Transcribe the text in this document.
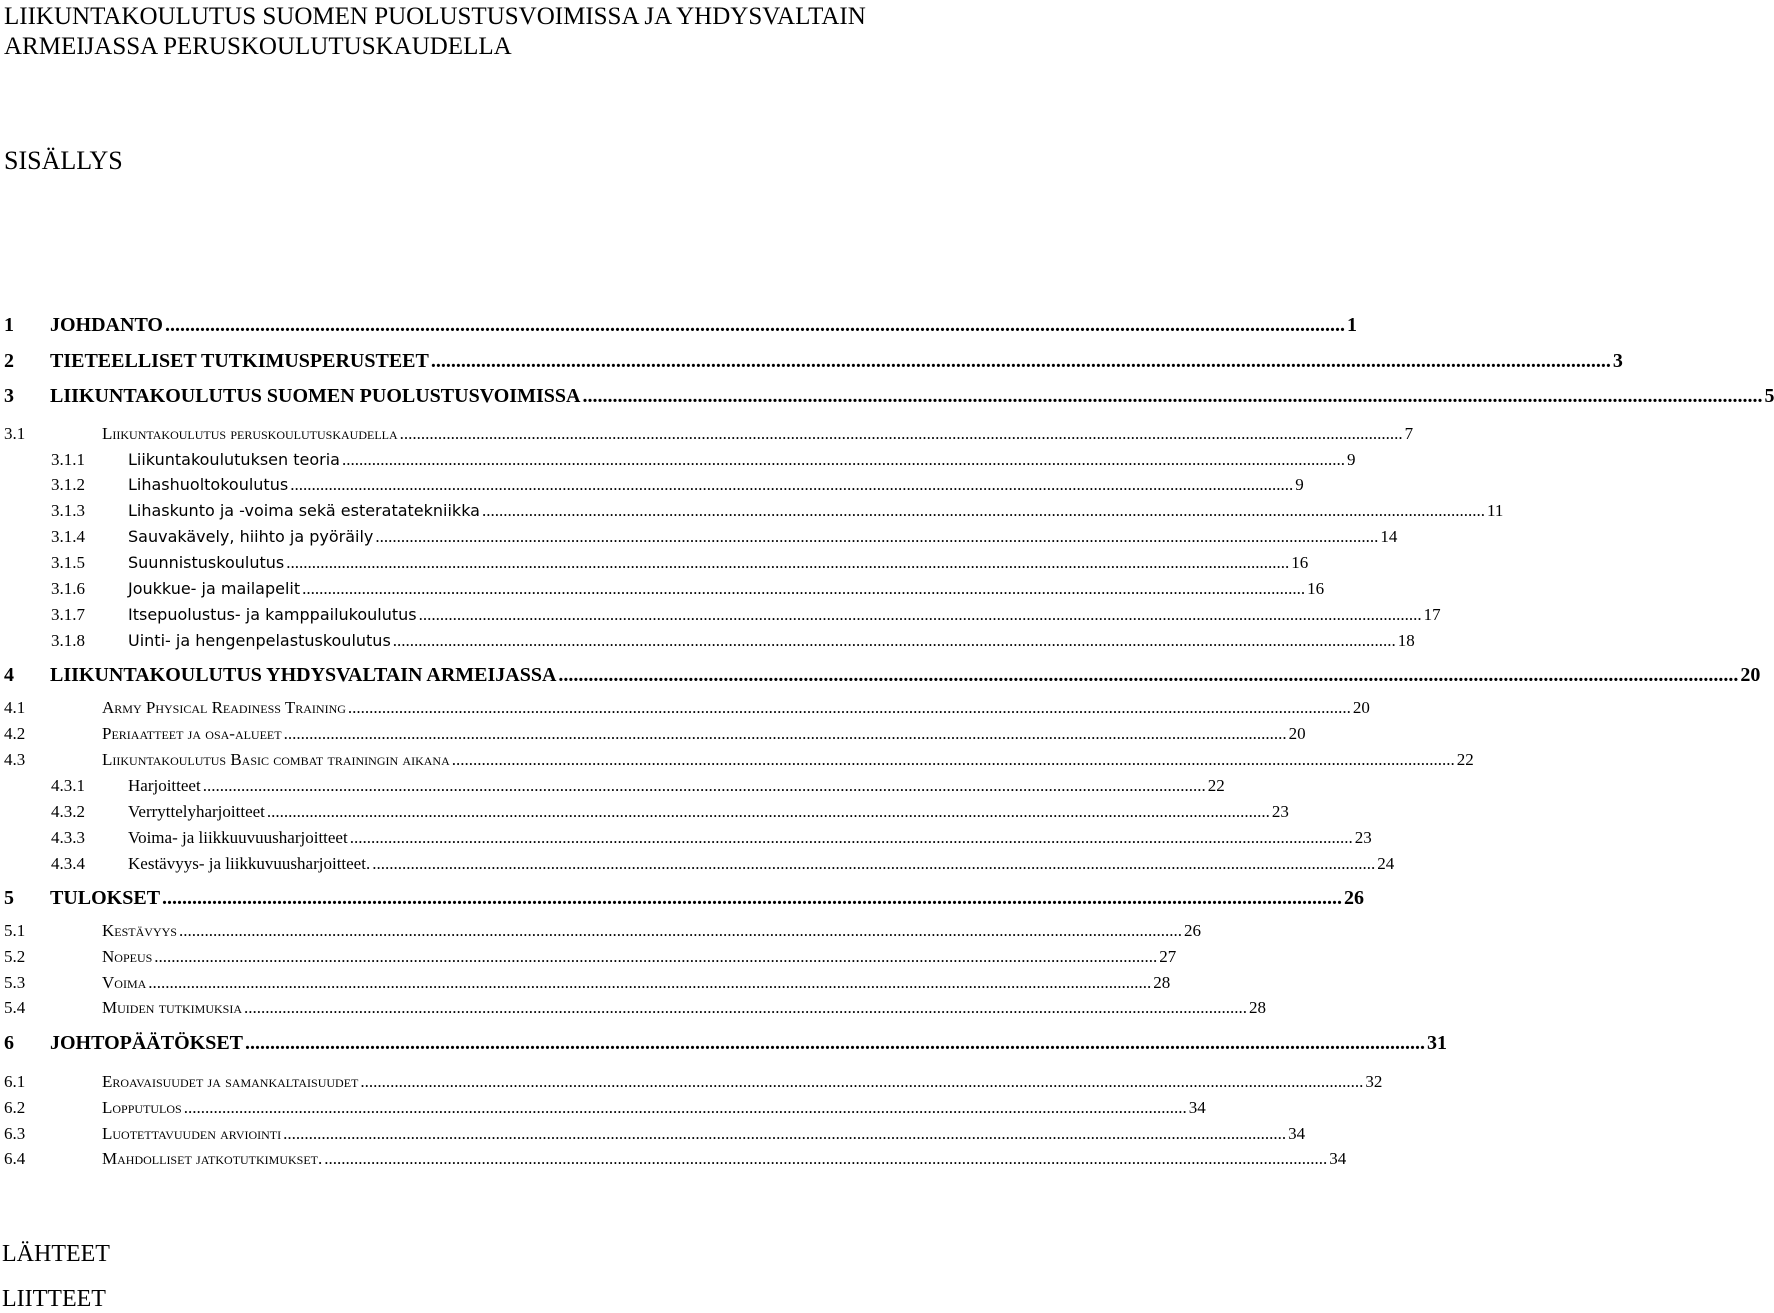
LIIKUNTAKOULUTUS SUOMEN PUOLUSTUSVOIMISSA JA YHDYSVALTAIN ARMEIJASSA PERUSKOULUTUSKAUDELLA
SISÄLLYS
1 JOHDANTO .....	1
2 TIETEELLISET TUTKIMUSPERUSTEET .....	3
3 LIIKUNTAKOULUTUS SUOMEN PUOLUSTUSVOIMISSA .....	5
3.1	Liikuntakoulutus peruskoulutuskaudella .....	7
3.1.1	Liikuntakoulutuksen teoria .....	9
3.1.2	Lihashuoltokoulutus .....	9
3.1.3	Lihaskunto ja -voima sekä esteratatekniikka .....	11
3.1.4	Sauvakävely, hiihto ja pyöräily .....	14
3.1.5	Suunnistuskoulutus .....	16
3.1.6	Joukkue- ja mailapelit .....	16
3.1.7	Itsepuolustus- ja kamppailukoulutus .....	17
3.1.8	Uinti- ja hengenpelastuskoulutus .....	18
4 LIIKUNTAKOULUTUS YHDYSVALTAIN ARMEIJASSA .....	20
4.1	Army Physical Readiness Training .....	20
4.2	Periaatteet ja osa-alueet .....	20
4.3	Liikuntakoulutus Basic combat trainingin aikana .....	22
4.3.1	Harjoitteet .....	22
4.3.2	Verryttelyharjoitteet .....	23
4.3.3	Voima- ja liikkuuvuusharjoitteet .....	23
4.3.4	Kestävyys- ja liikkuvuusharjoitteet. .....	24
5 TULOKSET .....	26
5.1	Kestävyys .....	26
5.2	Nopeus .....	27
5.3	Voima .....	28
5.4	Muiden tutkimuksia .....	28
6 JOHTOPÄÄTÖKSET .....	31
6.1	Eroavaisuudet ja samankaltaisuudet .....	32
6.2	Lopputulos .....	34
6.3	Luotettavuuden arviointi .....	34
6.4	Mahdolliset jatkotutkimukset. .....	34

LÄHTEET

LIITTEET
